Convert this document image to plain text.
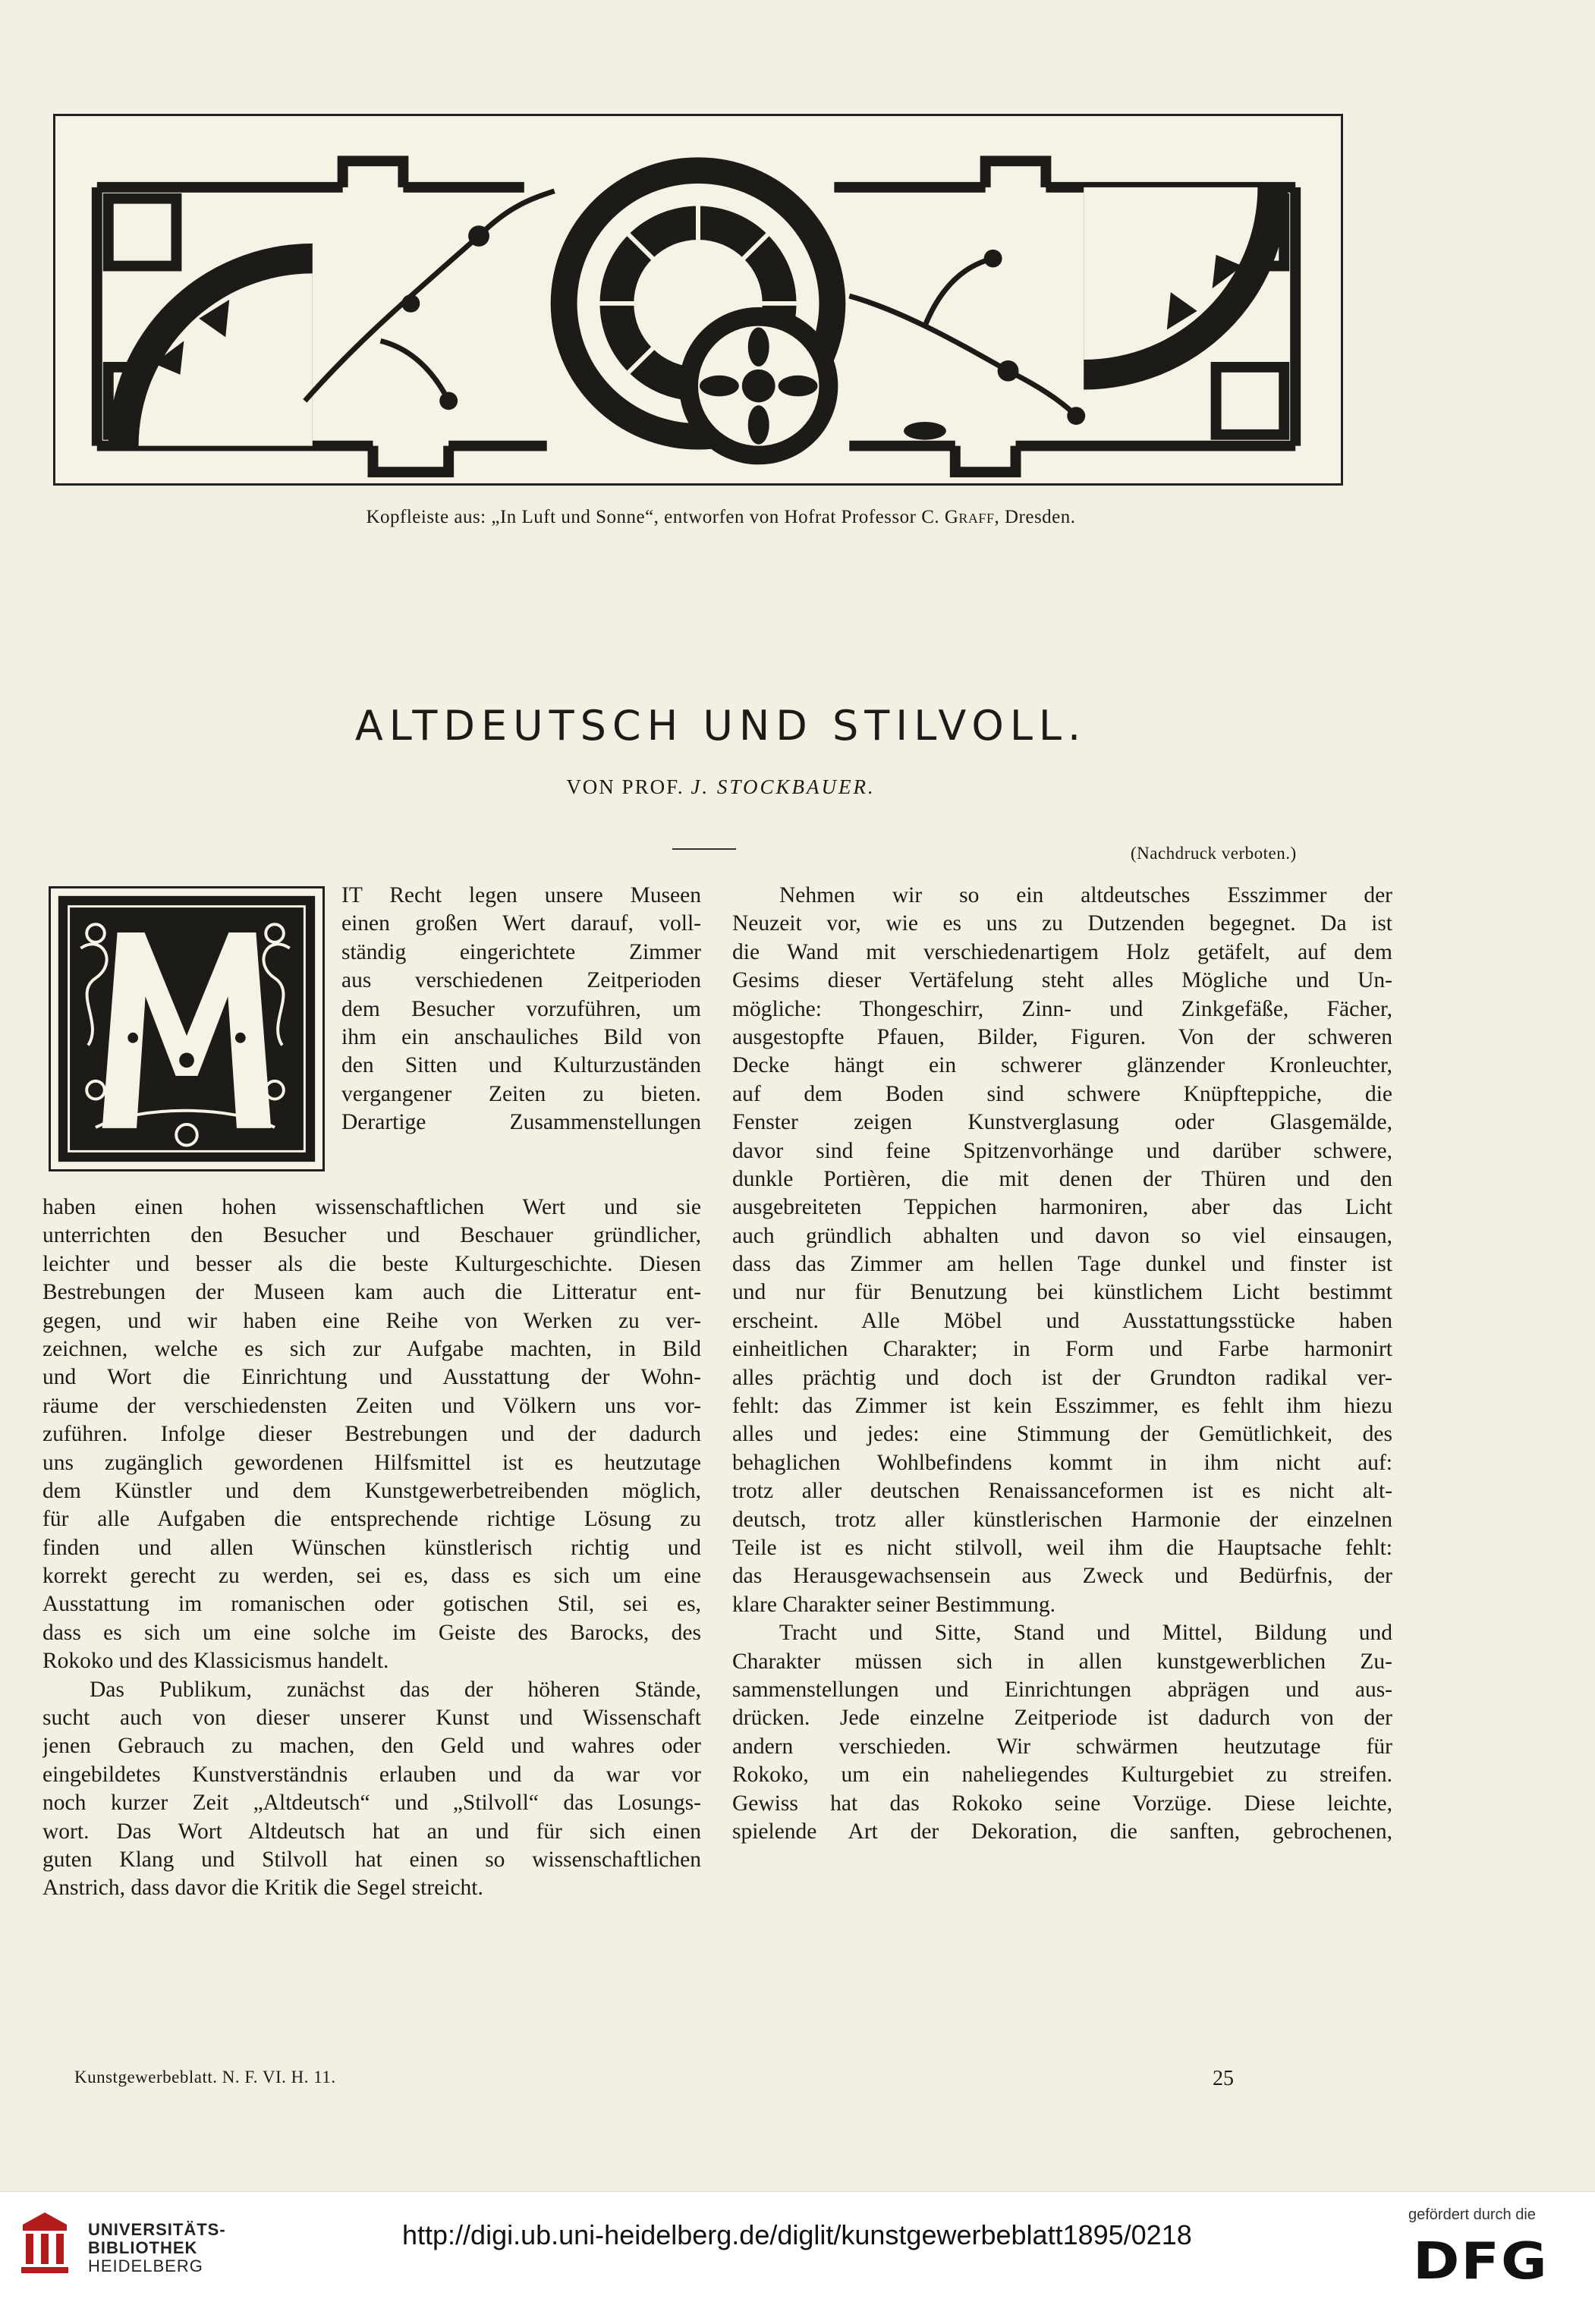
Kopfleiste aus: „In Luft und Sonne“, entworfen von Hofrat Professor C. Graff, Dresden.
ALTDEUTSCH UND STILVOLL.
VON PROF. J. STOCKBAUER.
(Nachdruck verboten.)
IT Recht legen unsere Museen
einen großen Wert darauf, voll-
ständig eingerichtete Zimmer
aus verschiedenen Zeitperioden
dem Besucher vorzuführen, um
ihm ein anschauliches Bild von
den Sitten und Kulturzuständen
vergangener Zeiten zu bieten.
Derartige Zusammenstellungen
haben einen hohen wissenschaftlichen Wert und sie
unterrichten den Besucher und Beschauer gründlicher,
leichter und besser als die beste Kulturgeschichte. Diesen
Bestrebungen der Museen kam auch die Litteratur ent-
gegen, und wir haben eine Reihe von Werken zu ver-
zeichnen, welche es sich zur Aufgabe machten, in Bild
und Wort die Einrichtung und Ausstattung der Wohn-
räume der verschiedensten Zeiten und Völkern uns vor-
zuführen. Infolge dieser Bestrebungen und der dadurch
uns zugänglich gewordenen Hilfsmittel ist es heutzutage
dem Künstler und dem Kunstgewerbetreibenden möglich,
für alle Aufgaben die entsprechende richtige Lösung zu
finden und allen Wünschen künstlerisch richtig und
korrekt gerecht zu werden, sei es, dass es sich um eine
Ausstattung im romanischen oder gotischen Stil, sei es,
dass es sich um eine solche im Geiste des Barocks, des
Rokoko und des Klassicismus handelt.
Das Publikum, zunächst das der höheren Stände,
sucht auch von dieser unserer Kunst und Wissenschaft
jenen Gebrauch zu machen, den Geld und wahres oder
eingebildetes Kunstverständnis erlauben und da war vor
noch kurzer Zeit „Altdeutsch“ und „Stilvoll“ das Losungs-
wort. Das Wort Altdeutsch hat an und für sich einen
guten Klang und Stilvoll hat einen so wissenschaftlichen
Anstrich, dass davor die Kritik die Segel streicht.
Nehmen wir so ein altdeutsches Esszimmer der
Neuzeit vor, wie es uns zu Dutzenden begegnet. Da ist
die Wand mit verschiedenartigem Holz getäfelt, auf dem
Gesims dieser Vertäfelung steht alles Mögliche und Un-
mögliche: Thongeschirr, Zinn- und Zinkgefäße, Fächer,
ausgestopfte Pfauen, Bilder, Figuren. Von der schweren
Decke hängt ein schwerer glänzender Kronleuchter,
auf dem Boden sind schwere Knüpfteppiche, die
Fenster zeigen Kunstverglasung oder Glasgemälde,
davor sind feine Spitzenvorhänge und darüber schwere,
dunkle Portièren, die mit denen der Thüren und den
ausgebreiteten Teppichen harmoniren, aber das Licht
auch gründlich abhalten und davon so viel einsaugen,
dass das Zimmer am hellen Tage dunkel und finster ist
und nur für Benutzung bei künstlichem Licht bestimmt
erscheint. Alle Möbel und Ausstattungsstücke haben
einheitlichen Charakter; in Form und Farbe harmonirt
alles prächtig und doch ist der Grundton radikal ver-
fehlt: das Zimmer ist kein Esszimmer, es fehlt ihm hiezu
alles und jedes: eine Stimmung der Gemütlichkeit, des
behaglichen Wohlbefindens kommt in ihm nicht auf:
trotz aller deutschen Renaissanceformen ist es nicht alt-
deutsch, trotz aller künstlerischen Harmonie der einzelnen
Teile ist es nicht stilvoll, weil ihm die Hauptsache fehlt:
das Herausgewachsensein aus Zweck und Bedürfnis, der
klare Charakter seiner Bestimmung.
Tracht und Sitte, Stand und Mittel, Bildung und
Charakter müssen sich in allen kunstgewerblichen Zu-
sammenstellungen und Einrichtungen abprägen und aus-
drücken. Jede einzelne Zeitperiode ist dadurch von der
andern verschieden. Wir schwärmen heutzutage für
Rokoko, um ein naheliegendes Kulturgebiet zu streifen.
Gewiss hat das Rokoko seine Vorzüge. Diese leichte,
spielende Art der Dekoration, die sanften, gebrochenen,
Kunstgewerbeblatt. N. F. VI. H. 11.	25
UNIVERSITÄTS-
BIBLIOTHEK
HEIDELBERG
http://digi.ub.uni-heidelberg.de/diglit/kunstgewerbeblatt1895/0218
gefördert durch die
DFG
